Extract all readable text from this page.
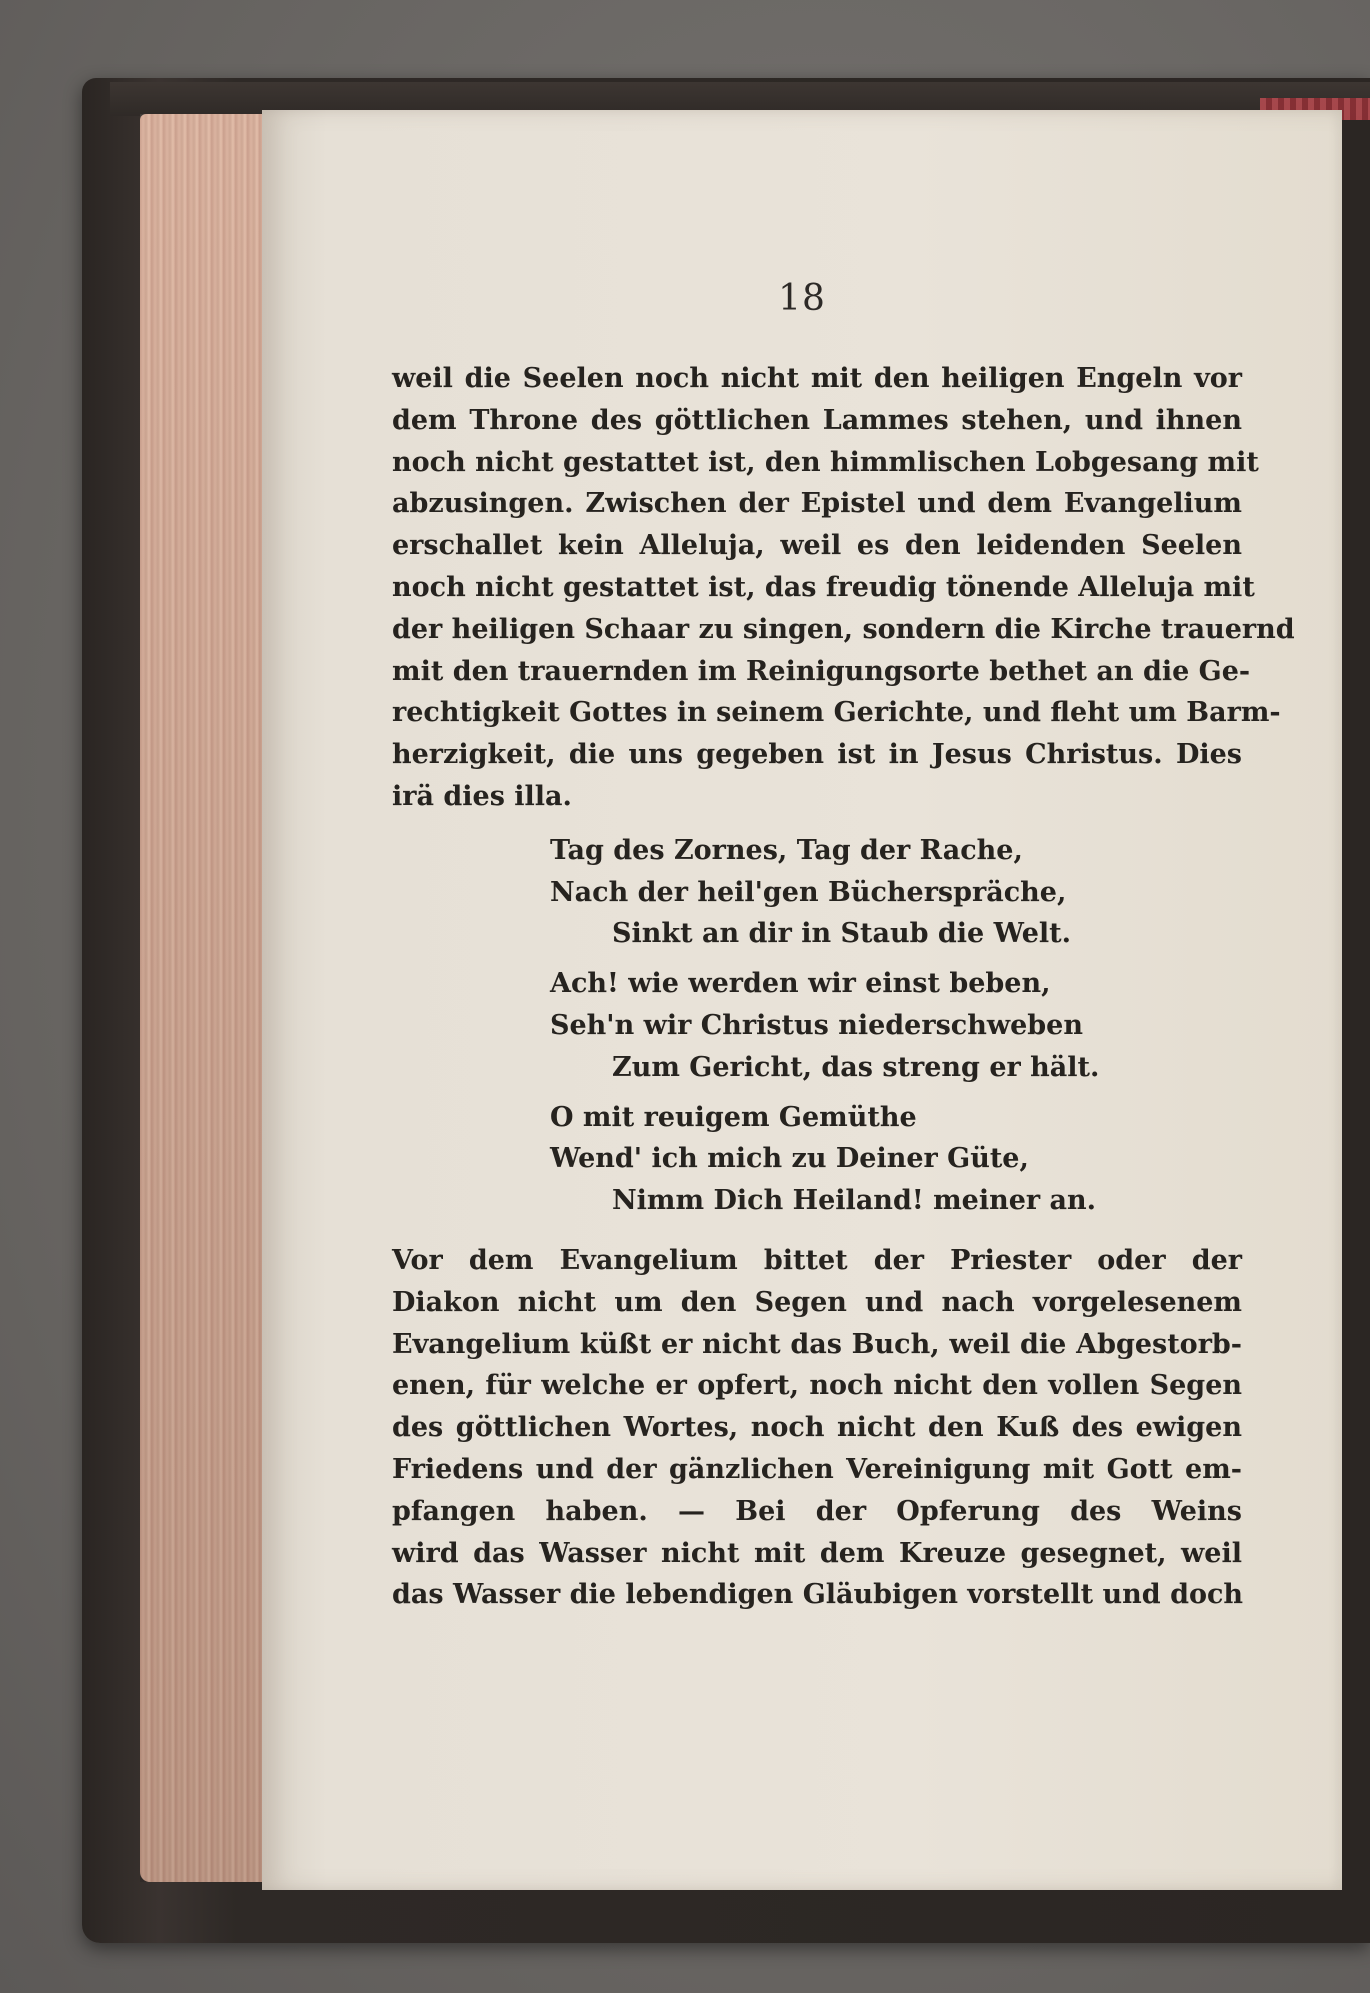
18
weil die Seelen noch nicht mit den heiligen Engeln vor
dem Throne des göttlichen Lammes stehen, und ihnen
noch nicht gestattet ist, den himmlischen Lobgesang mit
abzusingen. Zwischen der Epistel und dem Evangelium
erschallet kein Alleluja, weil es den leidenden Seelen
noch nicht gestattet ist, das freudig tönende Alleluja mit
der heiligen Schaar zu singen, sondern die Kirche trauernd
mit den trauernden im Reinigungsorte bethet an die Ge-
rechtigkeit Gottes in seinem Gerichte, und fleht um Barm-
herzigkeit, die uns gegeben ist in Jesus Christus. Dies
irä dies illa.
Tag des Zornes, Tag der Rache,
Nach der heil'gen Bücherspräche,
Sinkt an dir in Staub die Welt.
Ach! wie werden wir einst beben,
Seh'n wir Christus niederschweben
Zum Gericht, das streng er hält.
O mit reuigem Gemüthe
Wend' ich mich zu Deiner Güte,
Nimm Dich Heiland! meiner an.
Vor dem Evangelium bittet der Priester oder der
Diakon nicht um den Segen und nach vorgelesenem
Evangelium küßt er nicht das Buch, weil die Abgestorb-
enen, für welche er opfert, noch nicht den vollen Segen
des göttlichen Wortes, noch nicht den Kuß des ewigen
Friedens und der gänzlichen Vereinigung mit Gott em-
pfangen haben. — Bei der Opferung des Weins
wird das Wasser nicht mit dem Kreuze gesegnet, weil
das Wasser die lebendigen Gläubigen vorstellt und doch
